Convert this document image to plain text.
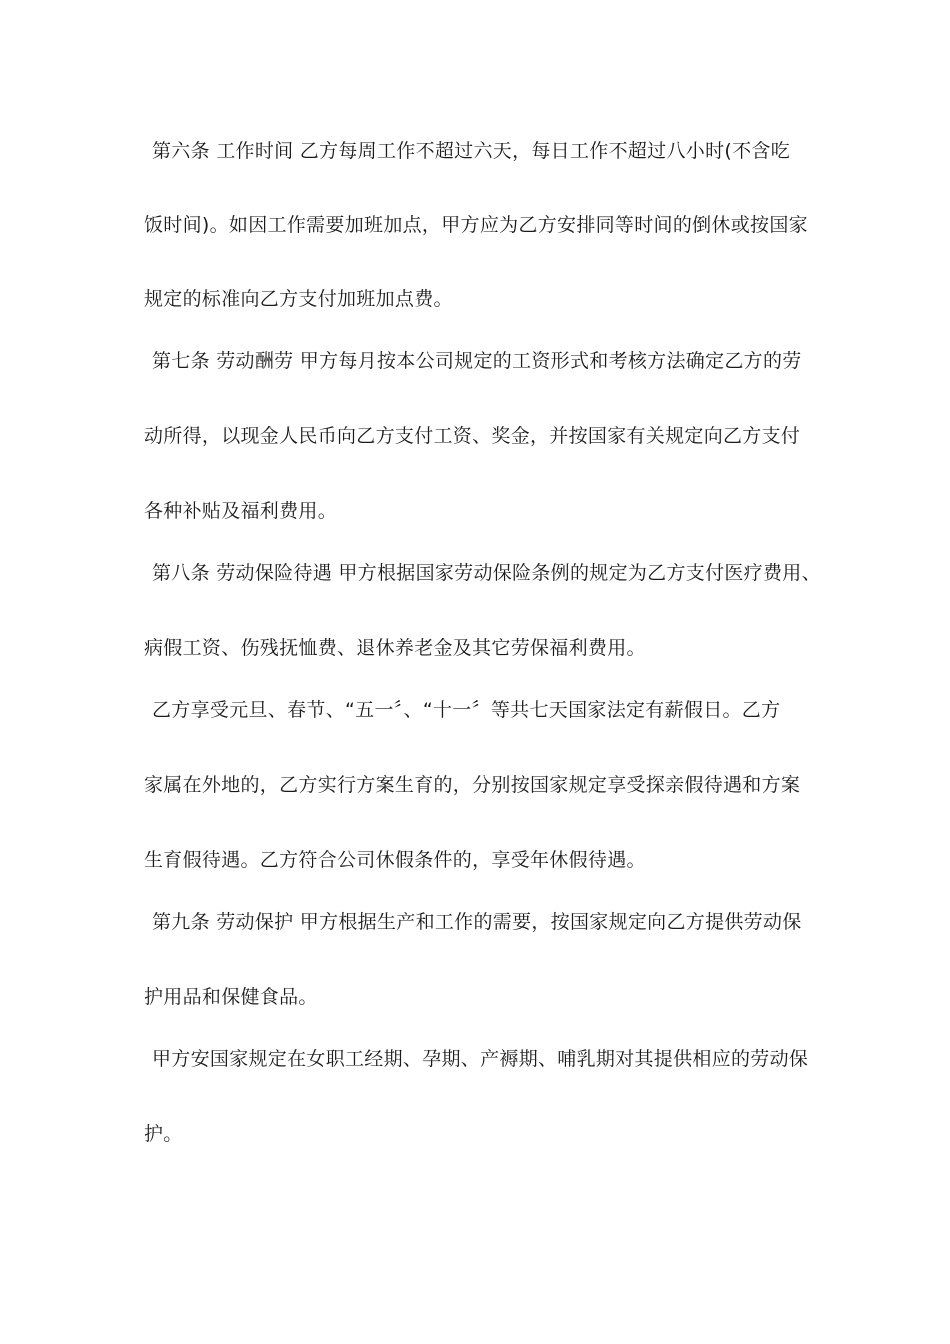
第六条 工作时间 乙方每周工作不超过六天，每日工作不超过八小时(不含吃
饭时间)。如因工作需要加班加点，甲方应为乙方安排同等时间的倒休或按国家
规定的标准向乙方支付加班加点费。
第七条 劳动酬劳 甲方每月按本公司规定的工资形式和考核方法确定乙方的劳
动所得，以现金人民币向乙方支付工资、奖金，并按国家有关规定向乙方支付
各种补贴及福利费用。
第八条 劳动保险待遇 甲方根据国家劳动保险条例的规定为乙方支付医疗费用、
病假工资、伤残抚恤费、退休养老金及其它劳保福利费用。
乙方享受元旦、春节、“五一〞、“十一〞等共七天国家法定有薪假日。乙方
家属在外地的，乙方实行方案生育的，分别按国家规定享受探亲假待遇和方案
生育假待遇。乙方符合公司休假条件的，享受年休假待遇。
第九条 劳动保护 甲方根据生产和工作的需要，按国家规定向乙方提供劳动保
护用品和保健食品。
甲方安国家规定在女职工经期、孕期、产褥期、哺乳期对其提供相应的劳动保
护。
